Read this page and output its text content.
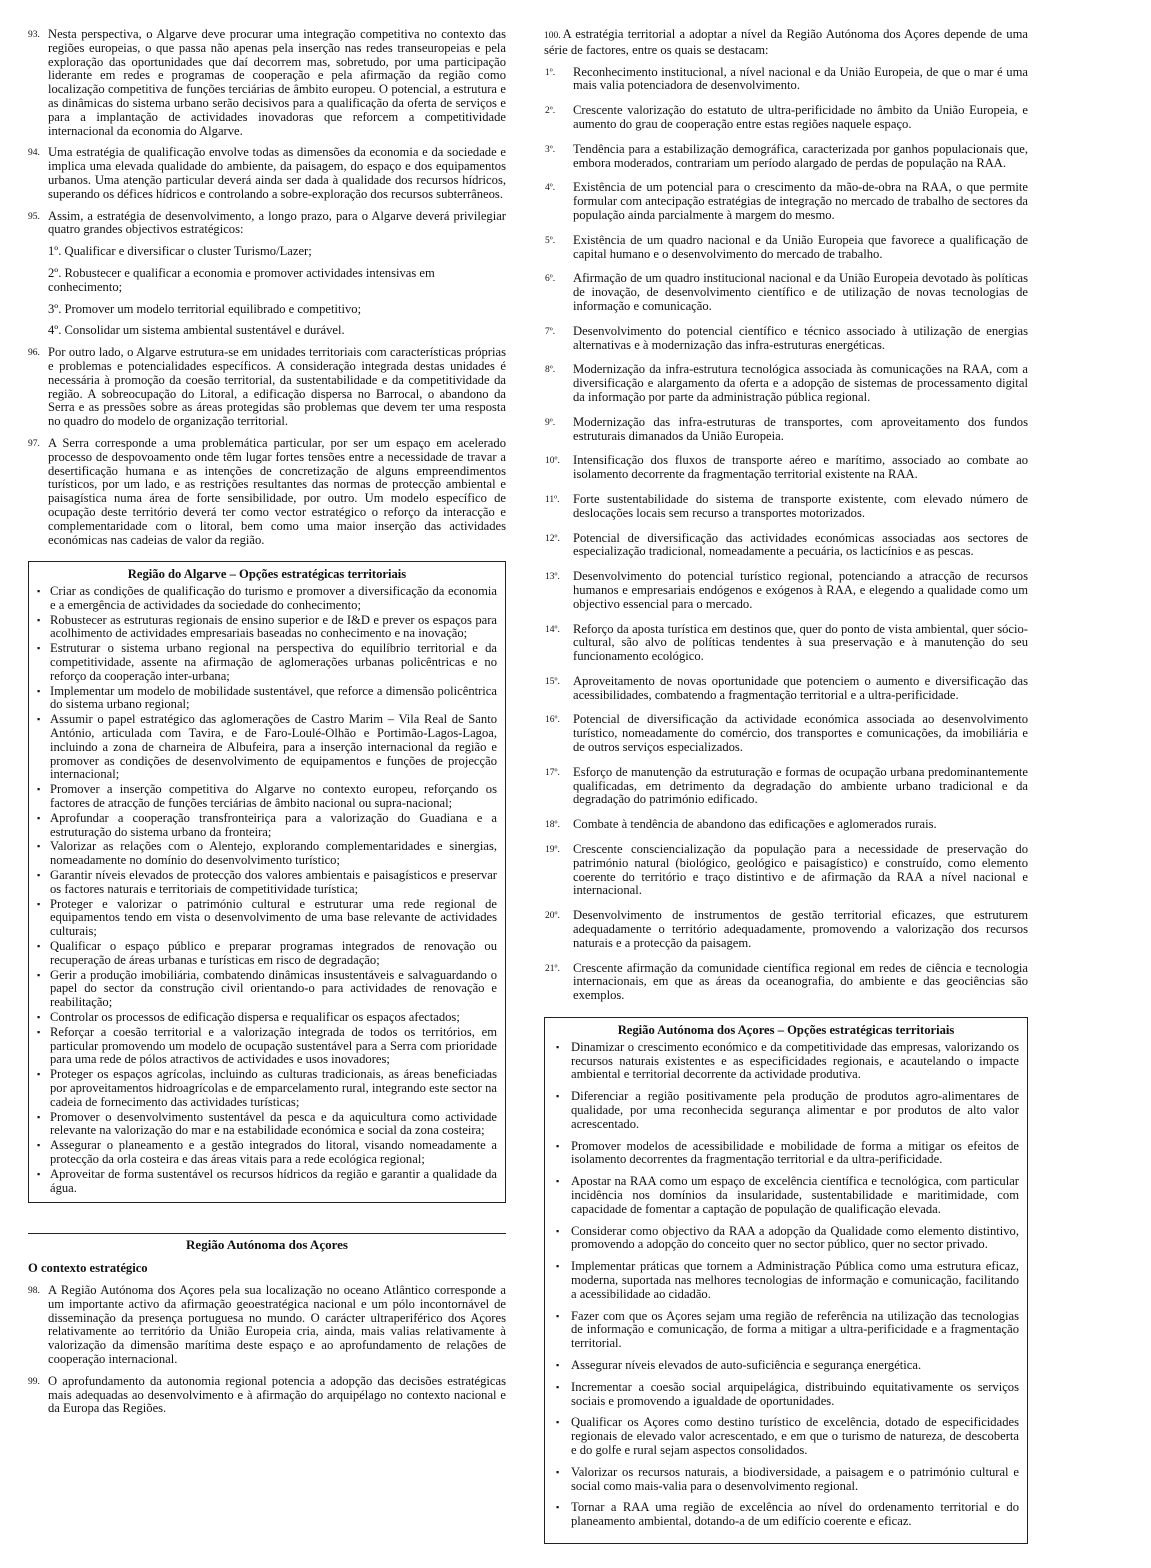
93. Nesta perspectiva, o Algarve deve procurar uma integração competitiva no contexto das regiões europeias, o que passa não apenas pela inserção nas redes transeuropeias e pela exploração das oportunidades que daí decorrem mas, sobretudo, por uma participação liderante em redes e programas de cooperação e pela afirmação da região como localização competitiva de funções terciárias de âmbito europeu. O potencial, a estrutura e as dinâmicas do sistema urbano serão decisivos para a qualificação da oferta de serviços e para a implantação de actividades inovadoras que reforcem a competitividade internacional da economia do Algarve.

94. Uma estratégia de qualificação envolve todas as dimensões da economia e da sociedade e implica uma elevada qualidade do ambiente, da paisagem, do espaço e dos equipamentos urbanos. Uma atenção particular deverá ainda ser dada à qualidade dos recursos hídricos, superando os défices hídricos e controlando a sobre-exploração dos recursos subterrâneos.

95. Assim, a estratégia de desenvolvimento, a longo prazo, para o Algarve deverá privilegiar quatro grandes objectivos estratégicos:

1º. Qualificar e diversificar o cluster Turismo/Lazer;
2º. Robustecer e qualificar a economia e promover actividades intensivas em conhecimento;
3º. Promover um modelo territorial equilibrado e competitivo;
4º. Consolidar um sistema ambiental sustentável e durável.

96. Por outro lado, o Algarve estrutura-se em unidades territoriais com características próprias e problemas e potencialidades específicos. A consideração integrada destas unidades é necessária à promoção da coesão territorial, da sustentabilidade e da competitividade da região. A sobreocupação do Litoral, a edificação dispersa no Barrocal, o abandono da Serra e as pressões sobre as áreas protegidas são problemas que devem ter uma resposta no quadro do modelo de organização territorial.

97. A Serra corresponde a uma problemática particular, por ser um espaço em acelerado processo de despovoamento onde têm lugar fortes tensões entre a necessidade de travar a desertificação humana e as intenções de concretização de alguns empreendimentos turísticos, por um lado, e as restrições resultantes das normas de protecção ambiental e paisagística numa área de forte sensibilidade, por outro. Um modelo específico de ocupação deste território deverá ter como vector estratégico o reforço da interacção e complementaridade com o litoral, bem como uma maior inserção das actividades económicas nas cadeias de valor da região.

Região do Algarve – Opções estratégicas territoriais
▪ Criar as condições de qualificação do turismo e promover a diversificação da economia e a emergência de actividades da sociedade do conhecimento;
▪ Robustecer as estruturas regionais de ensino superior e de I&D e prever os espaços para acolhimento de actividades empresariais baseadas no conhecimento e na inovação;
▪ Estruturar o sistema urbano regional na perspectiva do equilíbrio territorial e da competitividade, assente na afirmação de aglomerações urbanas policêntricas e no reforço da cooperação inter-urbana;
▪ Implementar um modelo de mobilidade sustentável, que reforce a dimensão policêntrica do sistema urbano regional;
▪ Assumir o papel estratégico das aglomerações de Castro Marim – Vila Real de Santo António, articulada com Tavira, e de Faro-Loulé-Olhão e Portimão-Lagos-Lagoa, incluindo a zona de charneira de Albufeira, para a inserção internacional da região e promover as condições de desenvolvimento de equipamentos e funções de projecção internacional;
▪ Promover a inserção competitiva do Algarve no contexto europeu, reforçando os factores de atracção de funções terciárias de âmbito nacional ou supra-nacional;
▪ Aprofundar a cooperação transfronteiriça para a valorização do Guadiana e a estruturação do sistema urbano da fronteira;
▪ Valorizar as relações com o Alentejo, explorando complementaridades e sinergias, nomeadamente no domínio do desenvolvimento turístico;
▪ Garantir níveis elevados de protecção dos valores ambientais e paisagísticos e preservar os factores naturais e territoriais de competitividade turística;
▪ Proteger e valorizar o património cultural e estruturar uma rede regional de equipamentos tendo em vista o desenvolvimento de uma base relevante de actividades culturais;
▪ Qualificar o espaço público e preparar programas integrados de renovação ou recuperação de áreas urbanas e turísticas em risco de degradação;
▪ Gerir a produção imobiliária, combatendo dinâmicas insustentáveis e salvaguardando o papel do sector da construção civil orientando-o para actividades de renovação e reabilitação;
▪ Controlar os processos de edificação dispersa e requalificar os espaços afectados;
▪ Reforçar a coesão territorial e a valorização integrada de todos os territórios, em particular promovendo um modelo de ocupação sustentável para a Serra com prioridade para uma rede de pólos atractivos de actividades e usos inovadores;
▪ Proteger os espaços agrícolas, incluindo as culturas tradicionais, as áreas beneficiadas por aproveitamentos hidroagrícolas e de emparcelamento rural, integrando este sector na cadeia de fornecimento das actividades turísticas;
▪ Promover o desenvolvimento sustentável da pesca e da aquicultura como actividade relevante na valorização do mar e na estabilidade económica e social da zona costeira;
▪ Assegurar o planeamento e a gestão integrados do litoral, visando nomeadamente a protecção da orla costeira e das áreas vitais para a rede ecológica regional;
▪ Aproveitar de forma sustentável os recursos hídricos da região e garantir a qualidade da água.
Região Autónoma dos Açores
O contexto estratégico

98. A Região Autónoma dos Açores pela sua localização no oceano Atlântico corresponde a um importante activo da afirmação geoestratégica nacional e um pólo incontornável de disseminação da presença portuguesa no mundo. O carácter ultraperiférico dos Açores relativamente ao território da União Europeia cria, ainda, mais valias relativamente à valorização da dimensão marítima deste espaço e ao aprofundamento de relações de cooperação internacional.

99. O aprofundamento da autonomia regional potencia a adopção das decisões estratégicas mais adequadas ao desenvolvimento e à afirmação do arquipélago no contexto nacional e da Europa das Regiões.

100. A estratégia territorial a adoptar a nível da Região Autónoma dos Açores depende de uma série de factores, entre os quais se destacam:

1º. Reconhecimento institucional, a nível nacional e da União Europeia, de que o mar é uma mais valia potenciadora de desenvolvimento.
2º. Crescente valorização do estatuto de ultra-perificidade no âmbito da União Europeia, e aumento do grau de cooperação entre estas regiões naquele espaço.
3º. Tendência para a estabilização demográfica, caracterizada por ganhos populacionais que, embora moderados, contrariam um período alargado de perdas de população na RAA.
4º. Existência de um potencial para o crescimento da mão-de-obra na RAA, o que permite formular com antecipação estratégias de integração no mercado de trabalho de sectores da população ainda parcialmente à margem do mesmo.
5º. Existência de um quadro nacional e da União Europeia que favorece a qualificação de capital humano e o desenvolvimento do mercado de trabalho.
6º. Afirmação de um quadro institucional nacional e da União Europeia devotado às políticas de inovação, de desenvolvimento científico e de utilização de novas tecnologias de informação e comunicação.
7º. Desenvolvimento do potencial científico e técnico associado à utilização de energias alternativas e à modernização das infra-estruturas energéticas.
8º. Modernização da infra-estrutura tecnológica associada às comunicações na RAA, com a diversificação e alargamento da oferta e a adopção de sistemas de processamento digital da informação por parte da administração pública regional.
9º. Modernização das infra-estruturas de transportes, com aproveitamento dos fundos estruturais dimanados da União Europeia.
10º. Intensificação dos fluxos de transporte aéreo e marítimo, associado ao combate ao isolamento decorrente da fragmentação territorial existente na RAA.
11º. Forte sustentabilidade do sistema de transporte existente, com elevado número de deslocações locais sem recurso a transportes motorizados.
12º. Potencial de diversificação das actividades económicas associadas aos sectores de especialização tradicional, nomeadamente a pecuária, os lacticínios e as pescas.
13º. Desenvolvimento do potencial turístico regional, potenciando a atracção de recursos humanos e empresariais endógenos e exógenos à RAA, e elegendo a qualidade como um objectivo essencial para o mercado.
14º. Reforço da aposta turística em destinos que, quer do ponto de vista ambiental, quer sócio-cultural, são alvo de políticas tendentes à sua preservação e à manutenção do seu funcionamento ecológico.
15º. Aproveitamento de novas oportunidade que potenciem o aumento e diversificação das acessibilidades, combatendo a fragmentação territorial e a ultra-perificidade.
16º. Potencial de diversificação da actividade económica associada ao desenvolvimento turístico, nomeadamente do comércio, dos transportes e comunicações, da imobiliária e de outros serviços especializados.
17º. Esforço de manutenção da estruturação e formas de ocupação urbana predominantemente qualificadas, em detrimento da degradação do ambiente urbano tradicional e da degradação do património edificado.
18º. Combate à tendência de abandono das edificações e aglomerados rurais.
19º. Crescente consciencialização da população para a necessidade de preservação do património natural (biológico, geológico e paisagístico) e construído, como elemento coerente do território e traço distintivo e de afirmação da RAA a nível nacional e internacional.
20º. Desenvolvimento de instrumentos de gestão territorial eficazes, que estruturem adequadamente o território adequadamente, promovendo a valorização dos recursos naturais e a protecção da paisagem.
21º. Crescente afirmação da comunidade científica regional em redes de ciência e tecnologia internacionais, em que as áreas da oceanografia, do ambiente e das geociências são exemplos.
Região Autónoma dos Açores – Opções estratégicas territoriais
▪ Dinamizar o crescimento económico e da competitividade das empresas, valorizando os recursos naturais existentes e as especificidades regionais, e acautelando o impacte ambiental e territorial decorrente da actividade produtiva.
▪ Diferenciar a região positivamente pela produção de produtos agro-alimentares de qualidade, por uma reconhecida segurança alimentar e por produtos de alto valor acrescentado.
▪ Promover modelos de acessibilidade e mobilidade de forma a mitigar os efeitos de isolamento decorrentes da fragmentação territorial e da ultra-perificidade.
▪ Apostar na RAA como um espaço de excelência científica e tecnológica, com particular incidência nos domínios da insularidade, sustentabilidade e maritimidade, com capacidade de fomentar a captação de população de qualificação elevada.
▪ Considerar como objectivo da RAA a adopção da Qualidade como elemento distintivo, promovendo a adopção do conceito quer no sector público, quer no sector privado.
▪ Implementar práticas que tornem a Administração Pública como uma estrutura eficaz, moderna, suportada nas melhores tecnologias de informação e comunicação, facilitando a acessibilidade ao cidadão.
▪ Fazer com que os Açores sejam uma região de referência na utilização das tecnologias de informação e comunicação, de forma a mitigar a ultra-perificidade e a fragmentação territorial.
▪ Assegurar níveis elevados de auto-suficiência e segurança energética.
▪ Incrementar a coesão social arquipelágica, distribuindo equitativamente os serviços sociais e promovendo a igualdade de oportunidades.
▪ Qualificar os Açores como destino turístico de excelência, dotado de especificidades regionais de elevado valor acrescentado, e em que o turismo de natureza, de descoberta e do golfe e rural sejam aspectos consolidados.
▪ Valorizar os recursos naturais, a biodiversidade, a paisagem e o património cultural e social como mais-valia para o desenvolvimento regional.
▪ Tornar a RAA uma região de excelência ao nível do ordenamento territorial e do planeamento ambiental, dotando-a de um edifício coerente e eficaz.
